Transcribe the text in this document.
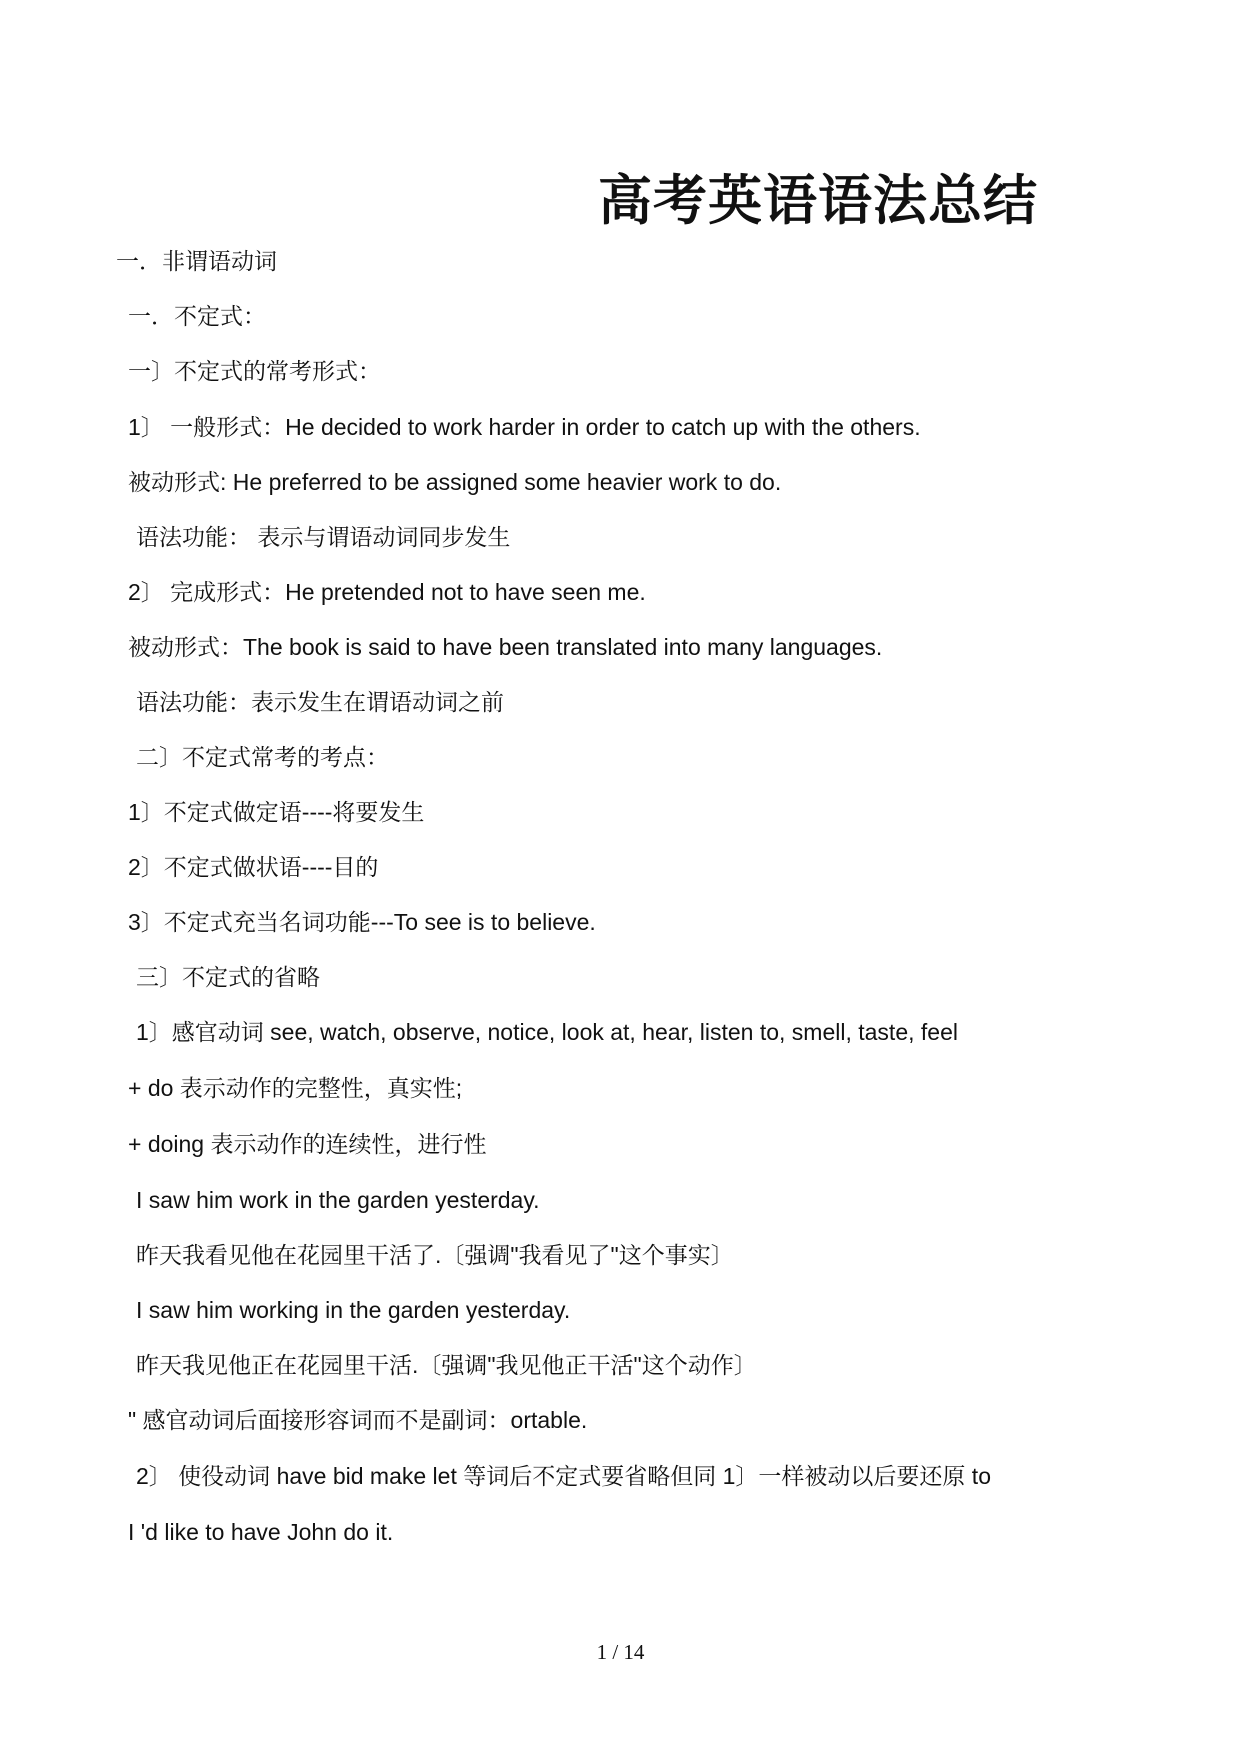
高考英语语法总结
一．非谓语动词
一．不定式：
一〕不定式的常考形式：
1〕 一般形式：He decided to work harder in order to catch up with the others.
被动形式: He preferred to be assigned some heavier work to do.
语法功能： 表示与谓语动词同步发生
2〕 完成形式：He pretended not to have seen me.
被动形式：The book is said to have been translated into many languages.
语法功能：表示发生在谓语动词之前
二〕不定式常考的考点：
1〕不定式做定语----将要发生
2〕不定式做状语----目的
3〕不定式充当名词功能---To see is to believe.
三〕不定式的省略
1〕感官动词 see, watch, observe, notice, look at, hear, listen to, smell, taste, feel
+ do 表示动作的完整性，真实性;
+ doing 表示动作的连续性，进行性
I saw him work in the garden yesterday.
昨天我看见他在花园里干活了.〔强调"我看见了"这个事实〕
I saw him working in the garden yesterday.
昨天我见他正在花园里干活.〔强调"我见他正干活"这个动作〕
" 感官动词后面接形容词而不是副词：ortable.
2〕 使役动词 have bid make let 等词后不定式要省略但同 1〕一样被动以后要还原 to
I 'd like to have John do it.
1 / 14
